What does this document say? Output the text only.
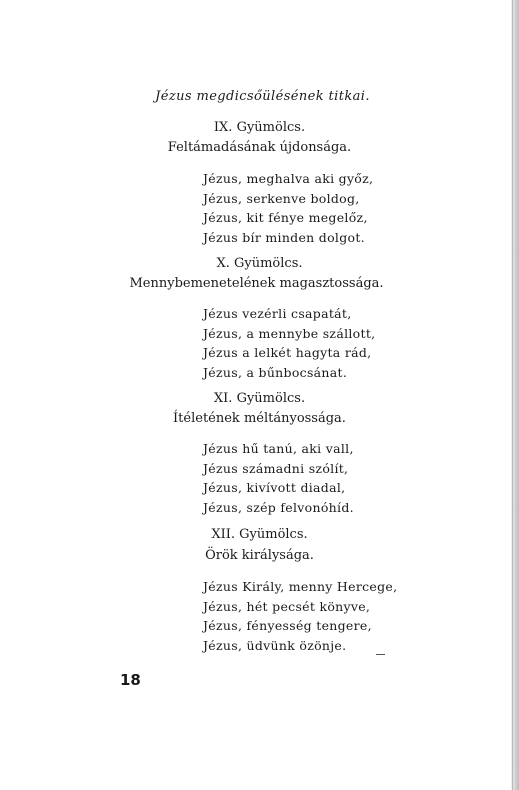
Jézus megdicsőülésének titkai.
IX. Gyümölcs.
Feltámadásának újdonsága.
Jézus, meghalva aki győz,
Jézus, serkenve boldog,
Jézus, kit fénye megelőz,
Jézus bír minden dolgot.
X. Gyümölcs.
Mennybemenetelének magasztossága.
Jézus vezérli csapatát,
Jézus, a mennybe szállott,
Jézus a lelkét hagyta rád,
Jézus, a bűnbocsánat.
XI. Gyümölcs.
Ítéletének méltányossága.
Jézus hű tanú, aki vall,
Jézus számadni szólít,
Jézus, kivívott diadal,
Jézus, szép felvonóhíd.
XII. Gyümölcs.
Örök királysága.
Jézus Király, menny Hercege,
Jézus, hét pecsét könyve,
Jézus, fényesség tengere,
Jézus, üdvünk özönje.
18
